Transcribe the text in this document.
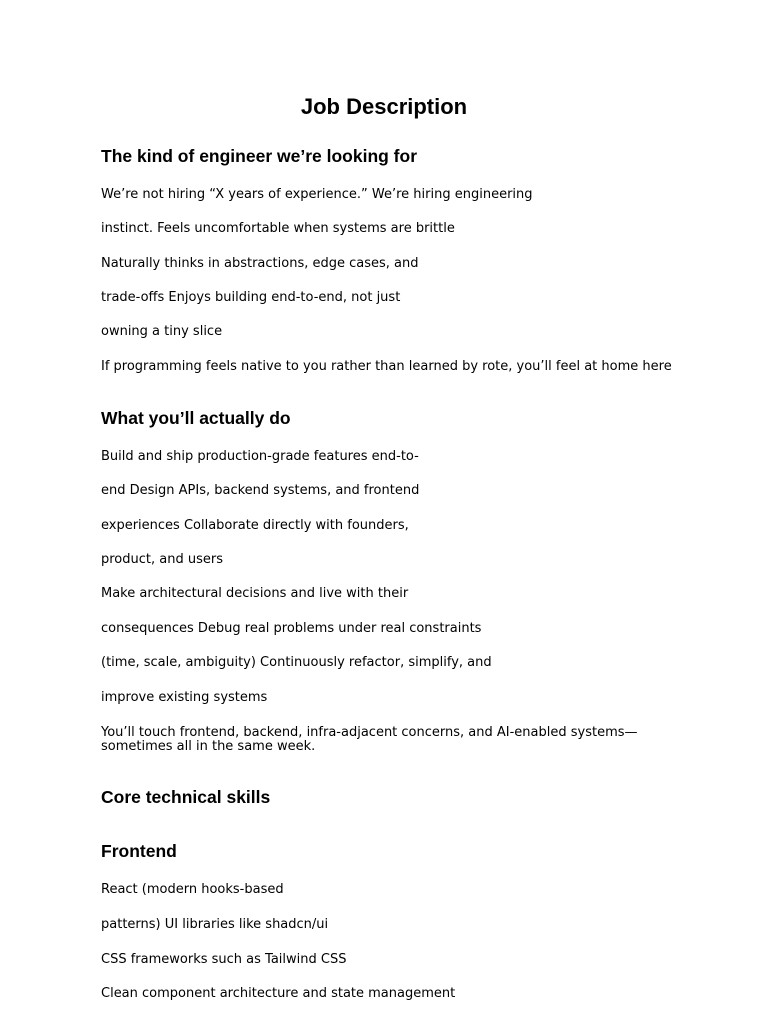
Job Description
The kind of engineer we’re looking for

We’re not hiring “X years of experience.” We’re hiring engineering

instinct. Feels uncomfortable when systems are brittle

Naturally thinks in abstractions, edge cases, and

trade-offs Enjoys building end-to-end, not just

owning a tiny slice

If programming feels native to you rather than learned by rote, you’ll feel at home here

What you’ll actually do

Build and ship production-grade features end-to-

end Design APIs, backend systems, and frontend

experiences Collaborate directly with founders,

product, and users

Make architectural decisions and live with their

consequences Debug real problems under real constraints

(time, scale, ambiguity) Continuously refactor, simplify, and

improve existing systems

You’ll touch frontend, backend, infra-adjacent concerns, and AI-enabled systems—sometimes all in the same week.

Core technical skills
Frontend

React (modern hooks-based

patterns) UI libraries like shadcn/ui

CSS frameworks such as Tailwind CSS

Clean component architecture and state management
